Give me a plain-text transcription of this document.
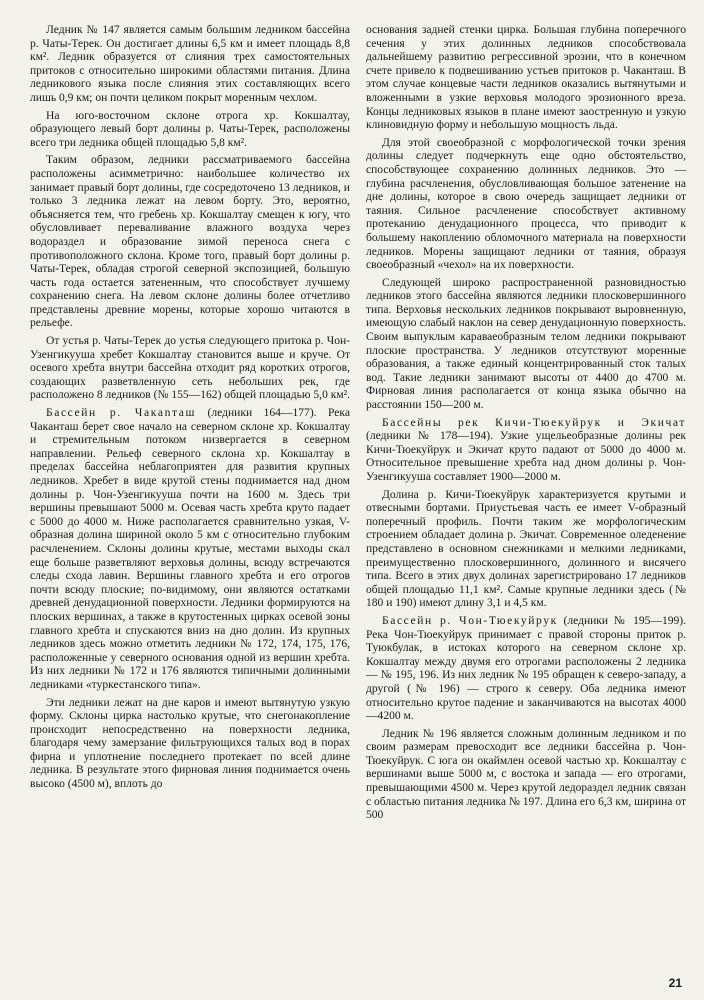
Ледник № 147 является самым большим ледником бассейна р. Чаты-Терек. Он достигает длины 6,5 км и имеет площадь 8,8 км². Ледник образуется от слияния трех самостоятельных притоков с относительно широкими областями питания. Длина ледникового языка после слияния этих составляющих всего лишь 0,9 км; он почти целиком покрыт моренным чехлом.

На юго-восточном склоне отрога хр. Кокшалтау, образующего левый борт долины р. Чаты-Терек, расположены всего три ледника общей площадью 5,8 км².

Таким образом, ледники рассматриваемого бассейна расположены асимметрично: наибольшее количество их занимает правый борт долины, где сосредоточено 13 ледников, и только 3 ледника лежат на левом борту. Это, вероятно, объясняется тем, что гребень хр. Кокшалтау смещен к югу, что обусловливает переваливание влажного воздуха через водораздел и образование зимой переноса снега с противоположного склона. Кроме того, правый борт долины р. Чаты-Терек, обладая строгой северной экспозицией, большую часть года остается затененным, что способствует лучшему сохранению снега. На левом склоне долины более отчетливо представлены древние морены, которые хорошо читаются в рельефе.

От устья р. Чаты-Терек до устья следующего притока р. Чон-Узенгикууша хребет Кокшалтау становится выше и круче. От осевого хребта внутри бассейна отходит ряд коротких отрогов, создающих разветвленную сеть небольших рек, где расположено 8 ледников (№ 155—162) общей площадью 5,0 км².

Бассейн р. Чакanташ (ледники 164—177). Река Чаканташ берет свое начало на северном склоне хр. Кокшалтау и стремительным потоком низвергается в северном направлении. Рельеф северного склона хр. Кокшалтау в пределах бассейна неблагоприятен для развития крупных ледников. Хребет в виде крутой стены поднимается над дном долины р. Чон-Узенгикууша почти на 1600 м. Здесь три вершины превышают 5000 м. Осевая часть хребта круто падает с 5000 до 4000 м. Ниже располагается сравнительно узкая, V-образная долина шириной около 5 км с относительно глубоким расчленением. Склоны долины крутые, местами выходы скал еще больше разветвляют верховья долины, всюду встречаются следы схода лавин. Вершины главного хребта и его отрогов почти всюду плоские; по-видимому, они являются остатками древней денудационной поверхности. Ледники формируются на плоских вершинах, а также в крутостенных цирках осевой зоны главного хребта и спускаются вниз на дно долин. Из крупных ледников здесь можно отметить ледники № 172, 174, 175, 176, расположенные у северного основания одной из вершин хребта. Из них ледники № 172 и 176 являются типичными долинными ледниками «туркестанского типа».

Эти ледники лежат на дне каров и имеют вытянутую узкую форму. Склоны цирка настолько крутые, что снегонакопление происходит непосредственно на поверхности ледника, благодаря чему замерзание фильтрующихся талых вод в порах фирна и уплотнение последнего протекает по всей длине ледника. В результате этого фирновая линия поднимается очень высоко (4500 м), вплоть до

основания задней стенки цирка. Большая глубина поперечного сечения у этих долинных ледников способствовала дальнейшему развитию регрессивной эрозии, что в конечном счете привело к подвешиванию устьев притоков р. Чаканташ. В этом случае концевые части ледников оказались вытянутыми и вложенными в узкие верховья молодого эрозионного вреза. Концы ледниковых языков в плане имеют заостренную и узкую клиновидную форму и небольшую мощность льда.

Для этой своеобразной с морфологической точки зрения долины следует подчеркнуть еще одно обстоятельство, способствующее сохранению долинных ледников. Это — глубина расчленения, обусловливающая большое затенение на дне долины, которое в свою очередь защищает ледники от таяния. Сильное расчленение способствует активному протеканию денудационного процесса, что приводит к большему накоплению обломочного материала на поверхности ледников. Морены защищают ледники от таяния, образуя своеобразный «чехол» на их поверхности.

Следующей широко распространенной разновидностью ледников этого бассейна являются ледники плосковершинного типа. Верховья нескольких ледников покрывают выровненную, имеющую слабый наклон на север денудационную поверхность. Своим выпуклым караваеобразным телом ледники покрывают плоские пространства. У ледников отсутствуют моренные образования, а также единый концентрированный сток талых вод. Такие ледники занимают высоты от 4400 до 4700 м. Фирновая линия располагается от конца языка обычно на расстоянии 150—200 м.

Бассейны рек Кичи-Тюекуйрук и Экичат (ледники № 178—194). Узкие ущельеобразные долины рек Кичи-Тюекуйрук и Экичат круто падают от 5000 до 4000 м. Относительное превышение хребта над дном долины р. Чон-Узенгикууша составляет 1900—2000 м.

Долина р. Кичи-Тюекуйрук характеризуется крутыми и отвесными бортами. Приустьевая часть ее имеет V-образный поперечный профиль. Почти таким же морфологическим строением обладает долина р. Экичат. Современное оледенение представлено в основном снежниками и мелкими ледниками, преимущественно плосковершинного, долинного и висячего типа. Всего в этих двух долинах зарегистрировано 17 ледников общей площадью 11,1 км². Самые крупные ледники здесь (№ 180 и 190) имеют длину 3,1 и 4,5 км.

Бассейн р. Чон-Тюекуйрук (ледники № 195—199). Река Чон-Тюекуйрук принимает с правой стороны приток р. Туюкбулак, в истоках которого на северном склоне хр. Кокшалтау между двумя его отрогами расположены 2 ледника — № 195, 196. Из них ледник № 195 обращен к северо-западу, а другой (№ 196) — строго к северу. Оба ледника имеют относительно крутое падение и заканчиваются на высотах 4000—4200 м.

Ледник № 196 является сложным долинным ледником и по своим размерам превосходит все ледники бассейна р. Чон-Тюекуйрук. С юга он окаймлен осевой частью хр. Кокшалтау с вершинами выше 5000 м, с востока и запада — его отрогами, превышающими 4500 м. Через крутой ледораздел ледник связан с областью питания ледника № 197. Длина его 6,3 км, ширина от 500

21
